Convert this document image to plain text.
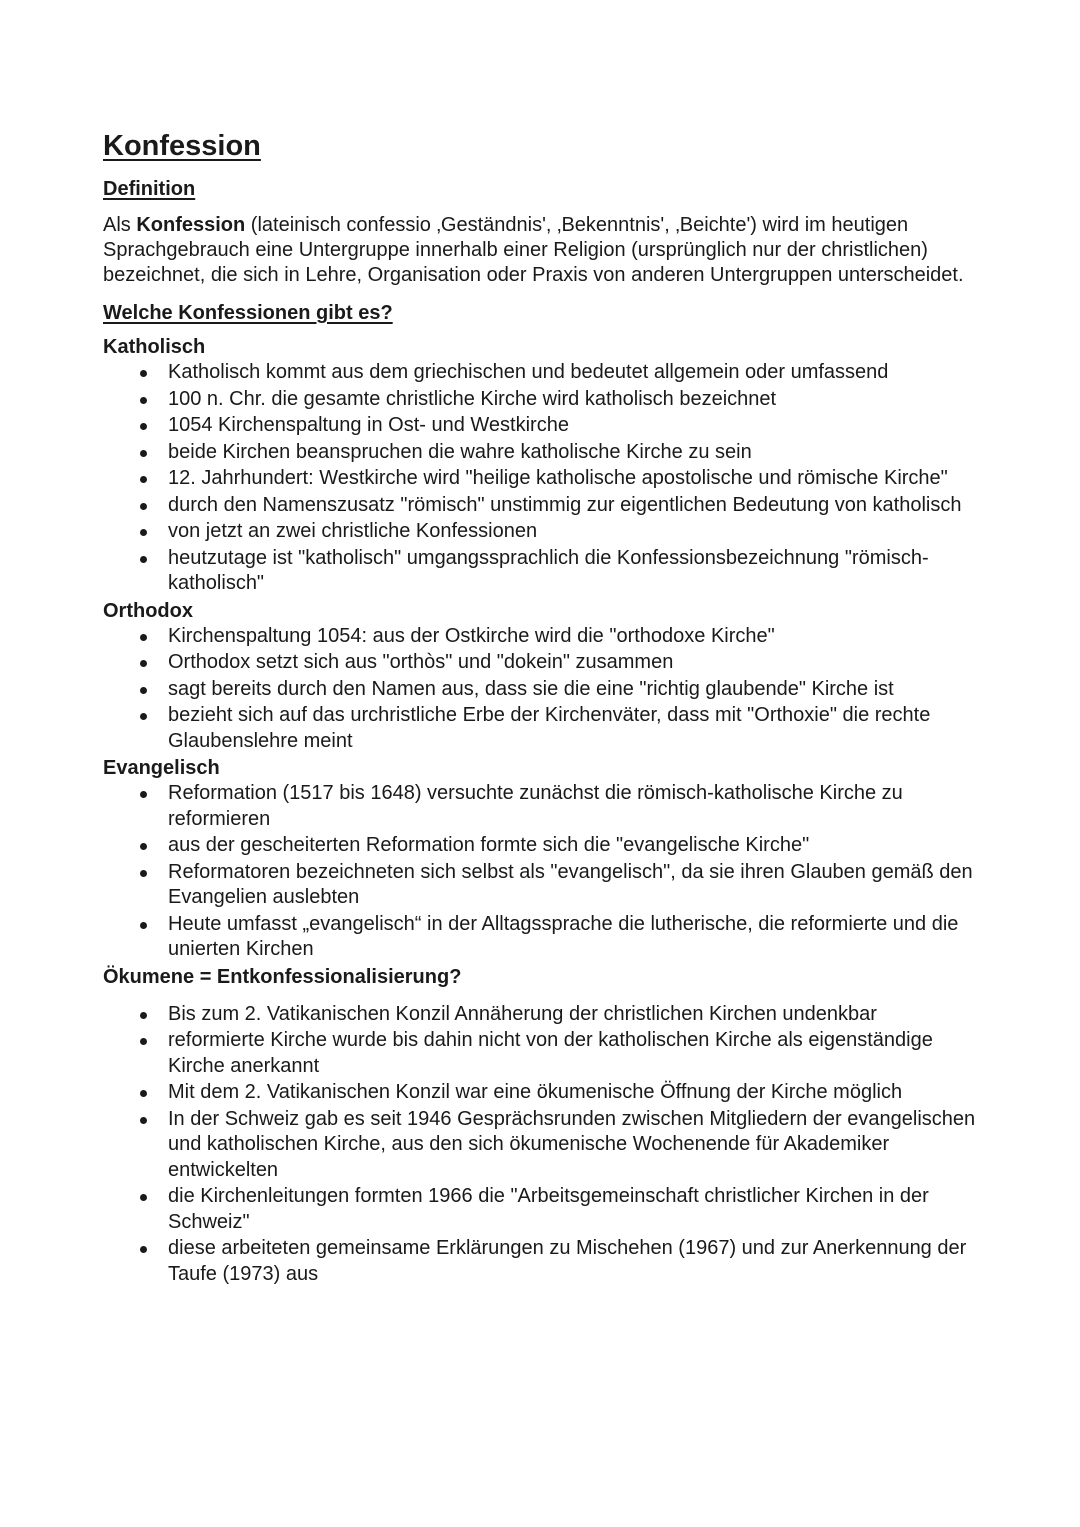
Konfession
Definition

Als Konfession (lateinisch confessio ‚Geständnis', ‚Bekenntnis', ‚Beichte') wird im heutigen Sprachgebrauch eine Untergruppe innerhalb einer Religion (ursprünglich nur der christlichen) bezeichnet, die sich in Lehre, Organisation oder Praxis von anderen Untergruppen unterscheidet.

Welche Konfessionen gibt es?
Katholisch
Katholisch kommt aus dem griechischen und bedeutet allgemein oder umfassend
100 n. Chr. die gesamte christliche Kirche wird katholisch bezeichnet
1054 Kirchenspaltung in Ost- und Westkirche
beide Kirchen beanspruchen die wahre katholische Kirche zu sein
12. Jahrhundert: Westkirche wird "heilige katholische apostolische und römische Kirche"
durch den Namenszusatz "römisch" unstimmig zur eigentlichen Bedeutung von katholisch
von jetzt an zwei christliche Konfessionen
heutzutage ist "katholisch" umgangssprachlich die Konfessionsbezeichnung "römisch-katholisch"
Orthodox
Kirchenspaltung 1054: aus der Ostkirche wird die "orthodoxe Kirche"
Orthodox setzt sich aus "orthòs" und "dokein" zusammen
sagt bereits durch den Namen aus, dass sie die eine "richtig glaubende" Kirche ist
bezieht sich auf das urchristliche Erbe der Kirchenväter, dass mit "Orthoxie" die rechte Glaubenslehre meint
Evangelisch
Reformation (1517 bis 1648) versuchte zunächst die römisch-katholische Kirche zu reformieren
aus der gescheiterten Reformation formte sich die "evangelische Kirche"
Reformatoren bezeichneten sich selbst als "evangelisch", da sie ihren Glauben gemäß den Evangelien auslebten
Heute umfasst „evangelisch“ in der Alltagssprache die lutherische, die reformierte und die unierten Kirchen
Ökumene = Entkonfessionalisierung?
Bis zum 2. Vatikanischen Konzil Annäherung der christlichen Kirchen undenkbar
reformierte Kirche wurde bis dahin nicht von der katholischen Kirche als eigenständige Kirche anerkannt
Mit dem 2. Vatikanischen Konzil war eine ökumenische Öffnung der Kirche möglich
In der Schweiz gab es seit 1946 Gesprächsrunden zwischen Mitgliedern der evangelischen und katholischen Kirche, aus den sich ökumenische Wochenende für Akademiker entwickelten
die Kirchenleitungen formten 1966 die "Arbeitsgemeinschaft christlicher Kirchen in der Schweiz"
diese arbeiteten gemeinsame Erklärungen zu Mischehen (1967) und zur Anerkennung der Taufe (1973) aus
